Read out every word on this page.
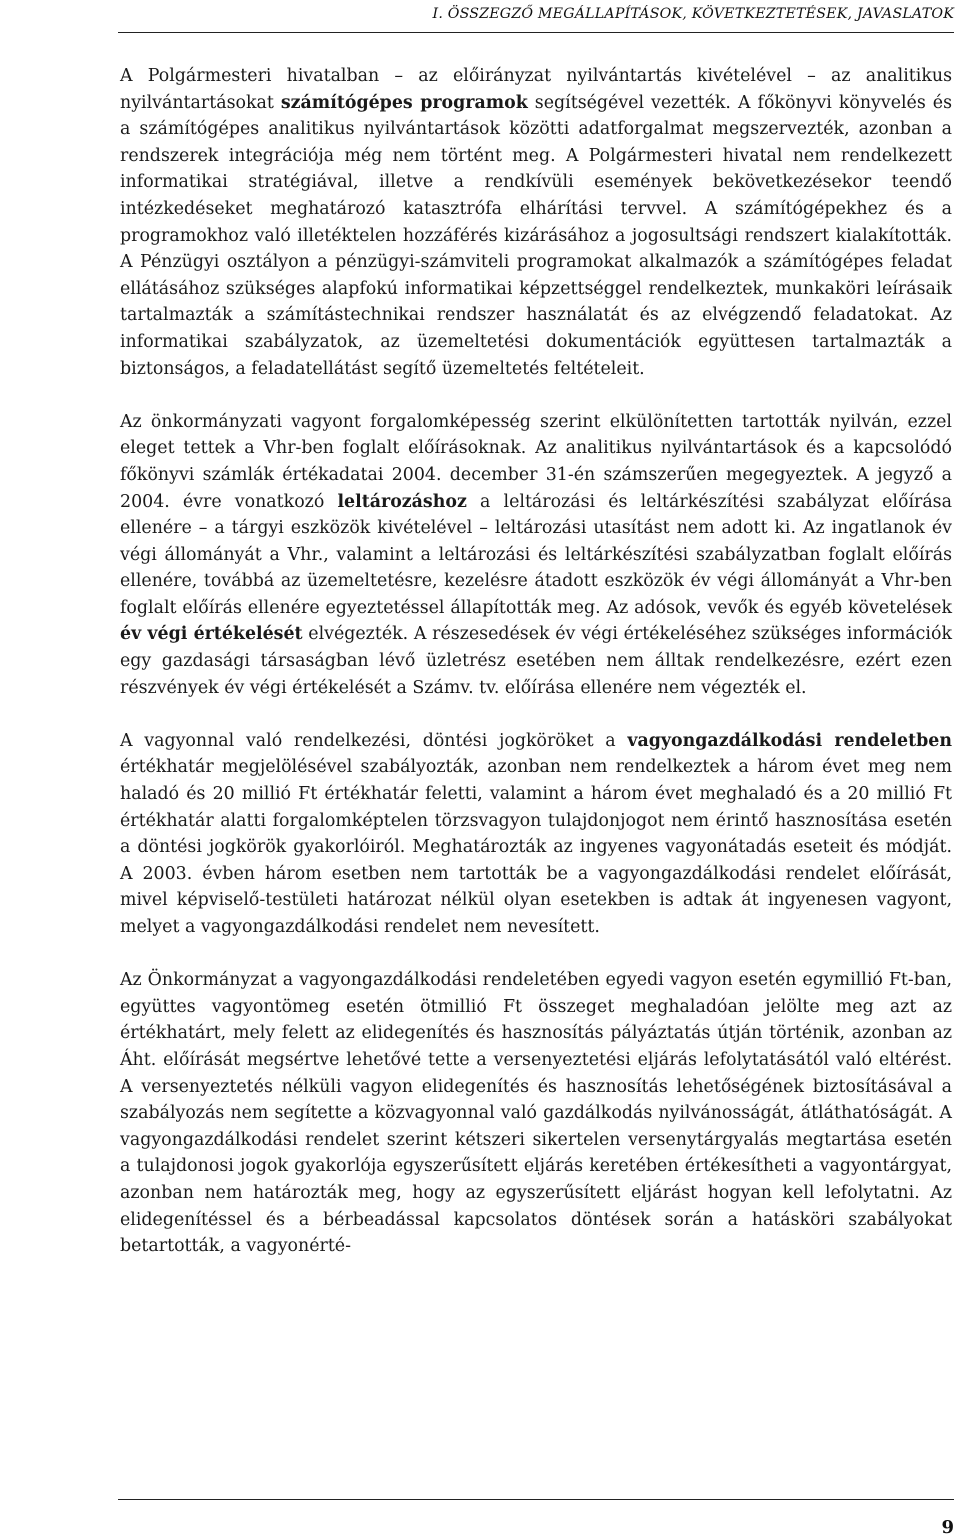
I. ÖSSZEGZŐ MEGÁLLAPÍTÁSOK, KÖVETKEZTETÉSEK, JAVASLATOK

A Polgármesteri hivatalban – az előirányzat nyilvántartás kivételével – az analitikus nyilvántartásokat számítógépes programok segítségével vezették. A főkönyvi könyvelés és a számítógépes analitikus nyilvántartások közötti adatforgalmat megszervezték, azonban a rendszerek integrációja még nem történt meg. A Polgármesteri hivatal nem rendelkezett informatikai stratégiával, illetve a rendkívüli események bekövetkezésekor teendő intézkedéseket meghatározó katasztrófa elhárítási tervvel. A számítógépekhez és a programokhoz való illetéktelen hozzáférés kizárásához a jogosultsági rendszert kialakították. A Pénzügyi osztályon a pénzügyi-számviteli programokat alkalmazók a számítógépes feladat ellátásához szükséges alapfokú informatikai képzettséggel rendelkeztek, munkaköri leírásaik tartalmazták a számítástechnikai rendszer használatát és az elvégzendő feladatokat. Az informatikai szabályzatok, az üzemeltetési dokumentációk együttesen tartalmazták a biztonságos, a feladatellátást segítő üzemeltetés feltételeit.

Az önkormányzati vagyont forgalomképesség szerint elkülönítetten tartották nyilván, ezzel eleget tettek a Vhr-ben foglalt előírásoknak. Az analitikus nyilvántartások és a kapcsolódó főkönyvi számlák értékadatai 2004. december 31-én számszerűen megegyeztek. A jegyző a 2004. évre vonatkozó leltározáshoz a leltározási és leltárkészítési szabályzat előírása ellenére – a tárgyi eszközök kivételével – leltározási utasítást nem adott ki. Az ingatlanok év végi állományát a Vhr., valamint a leltározási és leltárkészítési szabályzatban foglalt előírás ellenére, továbbá az üzemeltetésre, kezelésre átadott eszközök év végi állományát a Vhr-ben foglalt előírás ellenére egyeztetéssel állapították meg. Az adósok, vevők és egyéb követelések év végi értékelését elvégezték. A részesedések év végi értékeléséhez szükséges információk egy gazdasági társaságban lévő üzletrész esetében nem álltak rendelkezésre, ezért ezen részvények év végi értékelését a Számv. tv. előírása ellenére nem végezték el.

A vagyonnal való rendelkezési, döntési jogköröket a vagyongazdálkodási rendeletben értékhatár megjelölésével szabályozták, azonban nem rendelkeztek a három évet meg nem haladó és 20 millió Ft értékhatár feletti, valamint a három évet meghaladó és a 20 millió Ft értékhatár alatti forgalomképtelen törzsvagyon tulajdonjogot nem érintő hasznosítása esetén a döntési jogkörök gyakorlóiról. Meghatározták az ingyenes vagyonátadás eseteit és módját. A 2003. évben három esetben nem tartották be a vagyongazdálkodási rendelet előírását, mivel képviselő-testületi határozat nélkül olyan esetekben is adtak át ingyenesen vagyont, melyet a vagyongazdálkodási rendelet nem nevesített.

Az Önkormányzat a vagyongazdálkodási rendeletében egyedi vagyon esetén egymillió Ft-ban, együttes vagyontömeg esetén ötmillió Ft összeget meghaladóan jelölte meg azt az értékhatárt, mely felett az elidegenítés és hasznosítás pályáztatás útján történik, azonban az Áht. előírását megsértve lehetővé tette a versenyeztetési eljárás lefolytatásától való eltérést. A versenyeztetés nélküli vagyon elidegenítés és hasznosítás lehetőségének biztosításával a szabályozás nem segítette a közvagyonnal való gazdálkodás nyilvánosságát, átláthatóságát. A vagyongazdálkodási rendelet szerint kétszeri sikertelen versenytárgyalás megtartása esetén a tulajdonosi jogok gyakorlója egyszerűsített eljárás keretében értékesítheti a vagyontárgyat, azonban nem határozták meg, hogy az egyszerűsített eljárást hogyan kell lefolytatni. Az elidegenítéssel és a bérbeadással kapcsolatos döntések során a hatásköri szabályokat betartották, a vagyonérté-

9
